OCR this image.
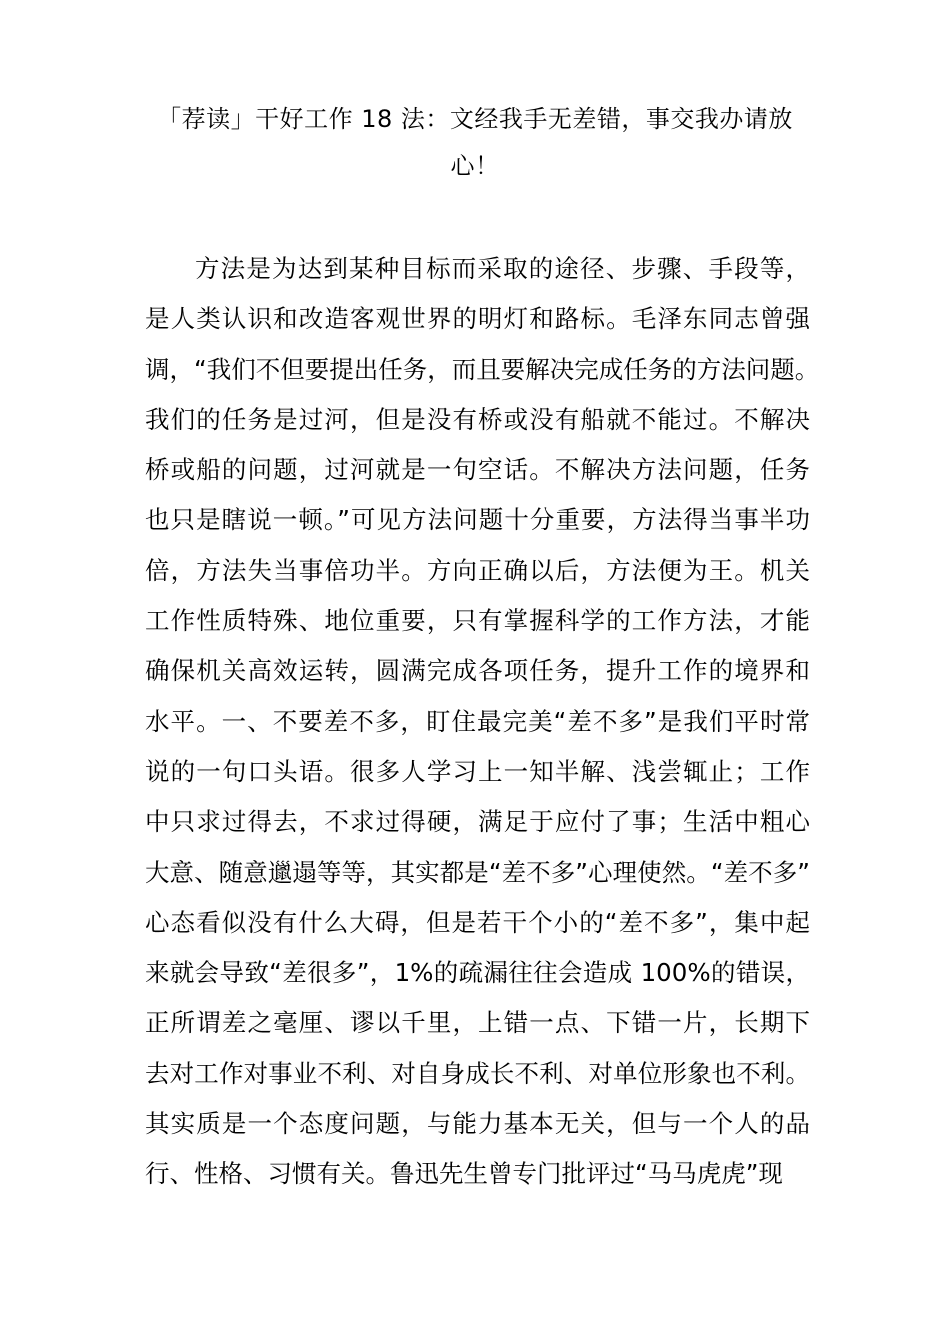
「荐读」干好工作 18 法：文经我手无差错，事交我办请放
心！
方法是为达到某种目标而采取的途径、步骤、手段等，
是人类认识和改造客观世界的明灯和路标。毛泽东同志曾强
调，“我们不但要提出任务，而且要解决完成任务的方法问题。
我们的任务是过河，但是没有桥或没有船就不能过。不解决
桥或船的问题，过河就是一句空话。不解决方法问题，任务
也只是瞎说一顿。”可见方法问题十分重要，方法得当事半功
倍，方法失当事倍功半。方向正确以后，方法便为王。机关
工作性质特殊、地位重要，只有掌握科学的工作方法，才能
确保机关高效运转，圆满完成各项任务，提升工作的境界和
水平。一、不要差不多，盯住最完美“差不多”是我们平时常
说的一句口头语。很多人学习上一知半解、浅尝辄止；工作
中只求过得去，不求过得硬，满足于应付了事；生活中粗心
大意、随意邋遢等等，其实都是“差不多”心理使然。“差不多”
心态看似没有什么大碍，但是若干个小的“差不多”，集中起
来就会导致“差很多”，1%的疏漏往往会造成 100%的错误，
正所谓差之毫厘、谬以千里，上错一点、下错一片，长期下
去对工作对事业不利、对自身成长不利、对单位形象也不利。
其实质是一个态度问题，与能力基本无关，但与一个人的品
行、性格、习惯有关。鲁迅先生曾专门批评过“马马虎虎”现
